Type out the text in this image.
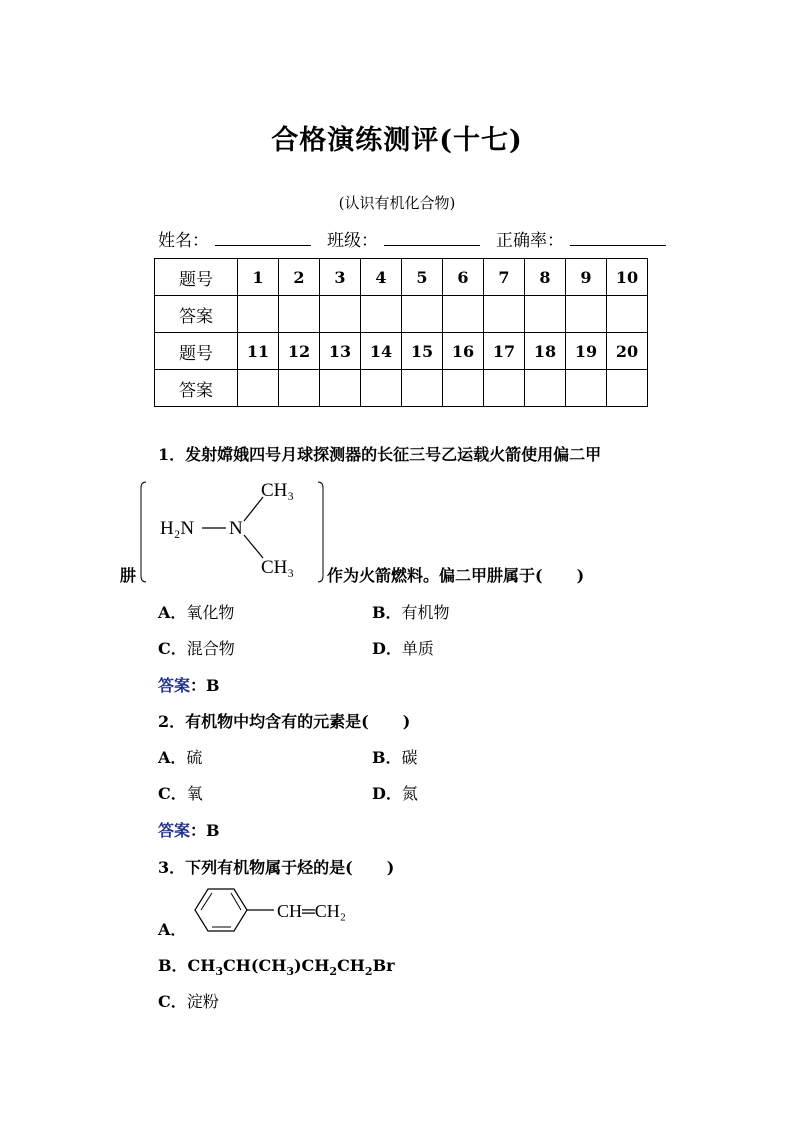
合格演练测评(十七)
(认识有机化合物)
姓名：	班级：	正确率：
题号	1	2	3	4	5	6	7	8	9	10
答案										
题号	11	12	13	14	15	16	17	18	19	20
答案										
1．发射嫦娥四号月球探测器的长征三号乙运载火箭使用偏二甲
肼
H₂N N
CH₃
CH₃ 作为火箭燃料。偏二甲肼属于( )
A．氧化物	B．有机物
C．混合物	D．单质
答案：B
2．有机物中均含有的元素是( )
A．硫	B．碳
C．氧	D．氮
答案：B
3．下列有机物属于烃的是( )
A．
CH═CH₂
B．$CH_3CH(CH_3)CH_2CH_2Br$
C．淀粉
